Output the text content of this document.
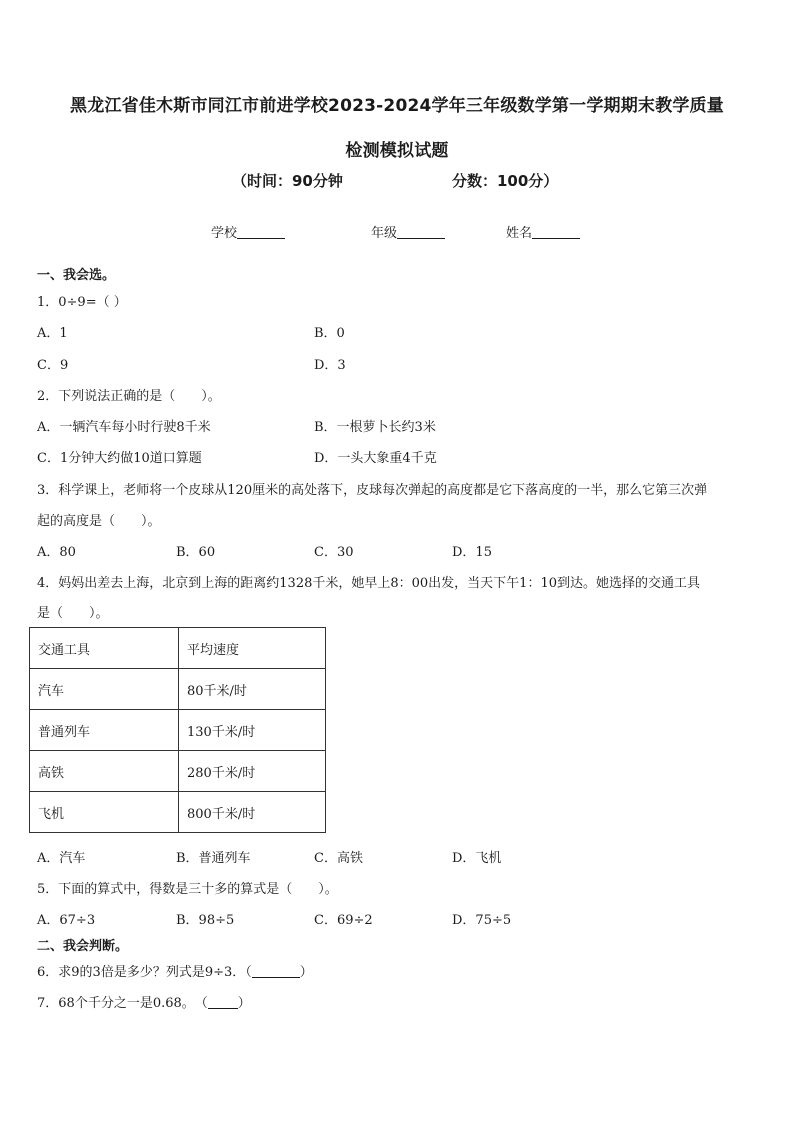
黑龙江省佳木斯市同江市前进学校2023-2024学年三年级数学第一学期期末教学质量
检测模拟试题
（时间：90分钟	分数：100分）
学校	年级	姓名
一、我会选。
1．0÷9=（ ）
A．1	B．0
C．9	D．3
2．下列说法正确的是（　　）。
A．一辆汽车每小时行驶8千米	B．一根萝卜长约3米
C．1分钟大约做10道口算题	D．一头大象重4千克
3．科学课上，老师将一个皮球从120厘米的高处落下，皮球每次弹起的高度都是它下落高度的一半，那么它第三次弹
起的高度是（　　）。
A．80	B．60	C．30	D．15
4．妈妈出差去上海，北京到上海的距离约1328千米，她早上8：00出发，当天下午1：10到达。她选择的交通工具
是（　　）。
交通工具	平均速度
汽车	80千米/时
普通列车	130千米/时
高铁	280千米/时
飞机	800千米/时
A．汽车	B．普通列车	C．高铁	D．飞机
5．下面的算式中，得数是三十多的算式是（　　）。
A．67÷3	B．98÷5	C．69÷2	D．75÷5
二、我会判断。
6．求9的3倍是多少？列式是9÷3．（	）
7．68个千分之一是0.68。　（ ）
